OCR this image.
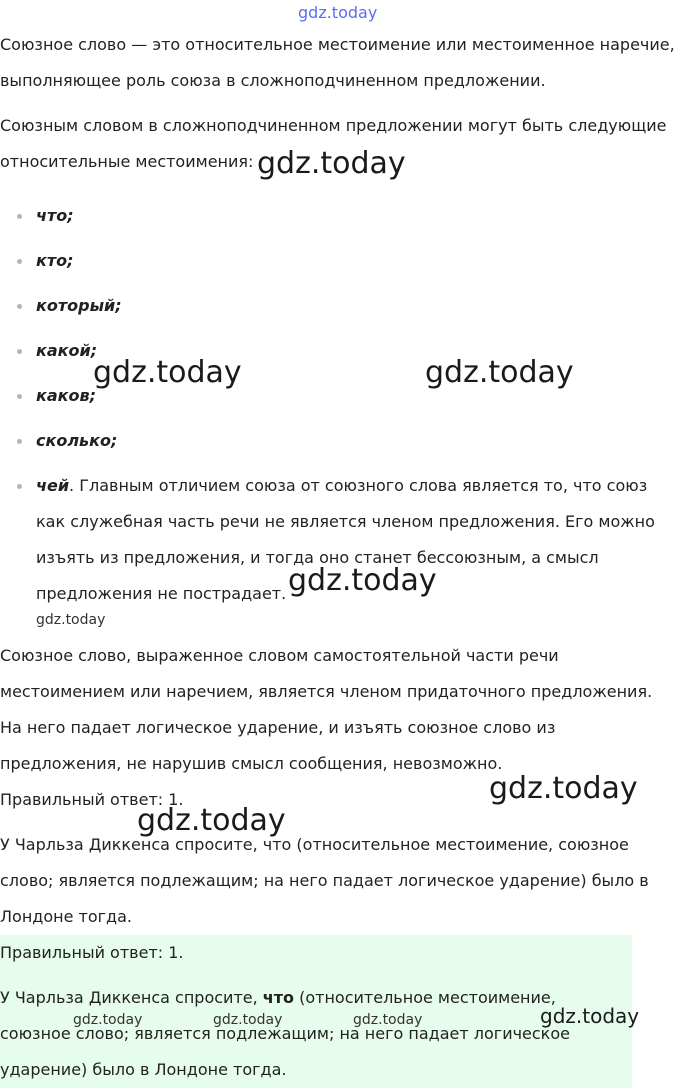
gdz.today

Союзное слово — это относительное местоимение или местоименное наречие, выполняющее роль союза в сложноподчиненном предложении.

Союзным словом в сложноподчиненном предложении могут быть следующие относительные местоимения:

что;
кто;
который;
какой;
каков;
сколько;
чей. Главным отличием союза от союзного слова является то, что союз как служебная часть речи не является членом предложения. Его можно изъять из предложения, и тогда оно станет бессоюзным, а смысл предложения не пострадает.
gdz.today

Союзное слово, выраженное словом самостоятельной части речи местоимением или наречием, является членом придаточного предложения. На него падает логическое ударение, и изъять союзное слово из предложения, не нарушив смысл сообщения, невозможно.

Правильный ответ: 1.

У Чарльза Диккенса спросите, что (относительное местоимение, союзное слово; является подлежащим; на него падает логическое ударение) было в Лондоне тогда.

Правильный ответ: 1.

У Чарльза Диккенса спросите, что (относительное местоимение, союзное слово; является подлежащим; на него падает логическое ударение) было в Лондоне тогда.

gdz.today
gdz.today	gdz.today
gdz.today
gdz.today
gdz.today
gdz.today
gdz.today	gdz.today	gdz.today
